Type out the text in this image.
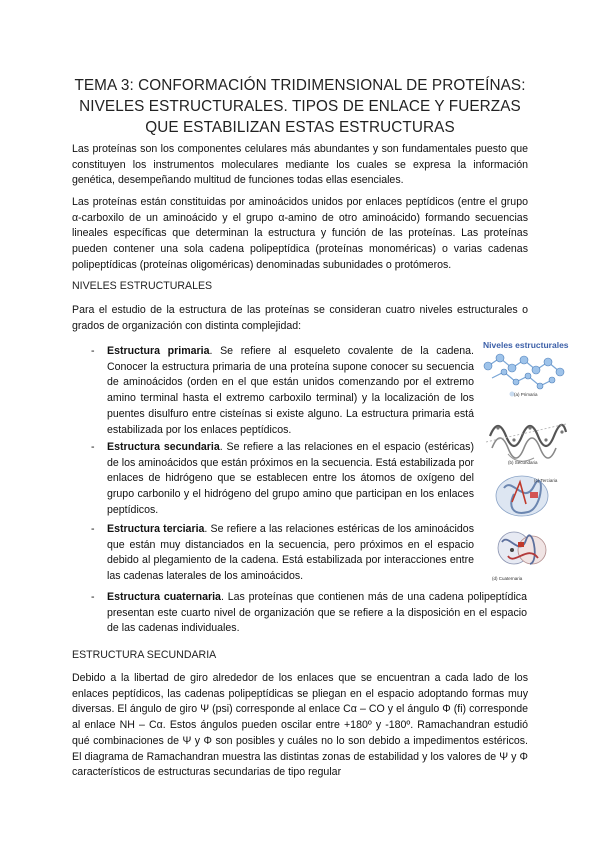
TEMA 3: CONFORMACIÓN TRIDIMENSIONAL DE PROTEÍNAS:
NIVELES ESTRUCTURALES. TIPOS DE ENLACE Y FUERZAS
QUE ESTABILIZAN ESTAS ESTRUCTURAS
Las proteínas son los componentes celulares más abundantes y son fundamentales puesto que constituyen los instrumentos moleculares mediante los cuales se expresa la información genética, desempeñando multitud de funciones todas ellas esenciales.
Las proteínas están constituidas por aminoácidos unidos por enlaces peptídicos (entre el grupo α-carboxilo de un aminoácido y el grupo α-amino de otro aminoácido) formando secuencias lineales específicas que determinan la estructura y función de las proteínas. Las proteínas pueden contener una sola cadena polipeptídica (proteínas monoméricas) o varias cadenas polipeptídicas (proteínas oligoméricas) denominadas subunidades o protómeros.
NIVELES ESTRUCTURALES
Para el estudio de la estructura de las proteínas se consideran cuatro niveles estructurales o grados de organización con distinta complejidad:
- Estructura primaria. Se refiere al esqueleto covalente de la cadena. Conocer la estructura primaria de una proteína supone conocer su secuencia de aminoácidos (orden en el que están unidos comenzando por el extremo amino terminal hasta el extremo carboxilo terminal) y la localización de los puentes disulfuro entre cisteínas si existe alguno. La estructura primaria está estabilizada por los enlaces peptídicos.
- Estructura secundaria. Se refiere a las relaciones en el espacio (estéricas) de los aminoácidos que están próximos en la secuencia. Está estabilizada por enlaces de hidrógeno que se establecen entre los átomos de oxígeno del grupo carbonilo y el hidrógeno del grupo amino que participan en los enlaces peptídicos.
- Estructura terciaria. Se refiere a las relaciones estéricas de los aminoácidos que están muy distanciados en la secuencia, pero próximos en el espacio debido al plegamiento de la cadena. Está estabilizada por interacciones entre las cadenas laterales de los aminoácidos.
- Estructura cuaternaria. Las proteínas que contienen más de una cadena polipeptídica presentan este cuarto nivel de organización que se refiere a la disposición en el espacio de las cadenas individuales.
ESTRUCTURA SECUNDARIA
Debido a la libertad de giro alrededor de los enlaces que se encuentran a cada lado de los enlaces peptídicos, las cadenas polipeptídicas se pliegan en el espacio adoptando formas muy diversas. El ángulo de giro Ψ (psi) corresponde al enlace Cα – CO y el ángulo Φ (fi) corresponde al enlace NH – Cα. Estos ángulos pueden oscilar entre +180º y -180º. Ramachandran estudió qué combinaciones de Ψ y Φ son posibles y cuáles no lo son debido a impedimentos estéricos. El diagrama de Ramachandran muestra las distintas zonas de estabilidad y los valores de Ψ y Φ característicos de estructuras secundarias de tipo regular
Niveles estructurales
(a) Primaria
(b) Secundaria
(c) Terciaria
(d) Cuaternaria
